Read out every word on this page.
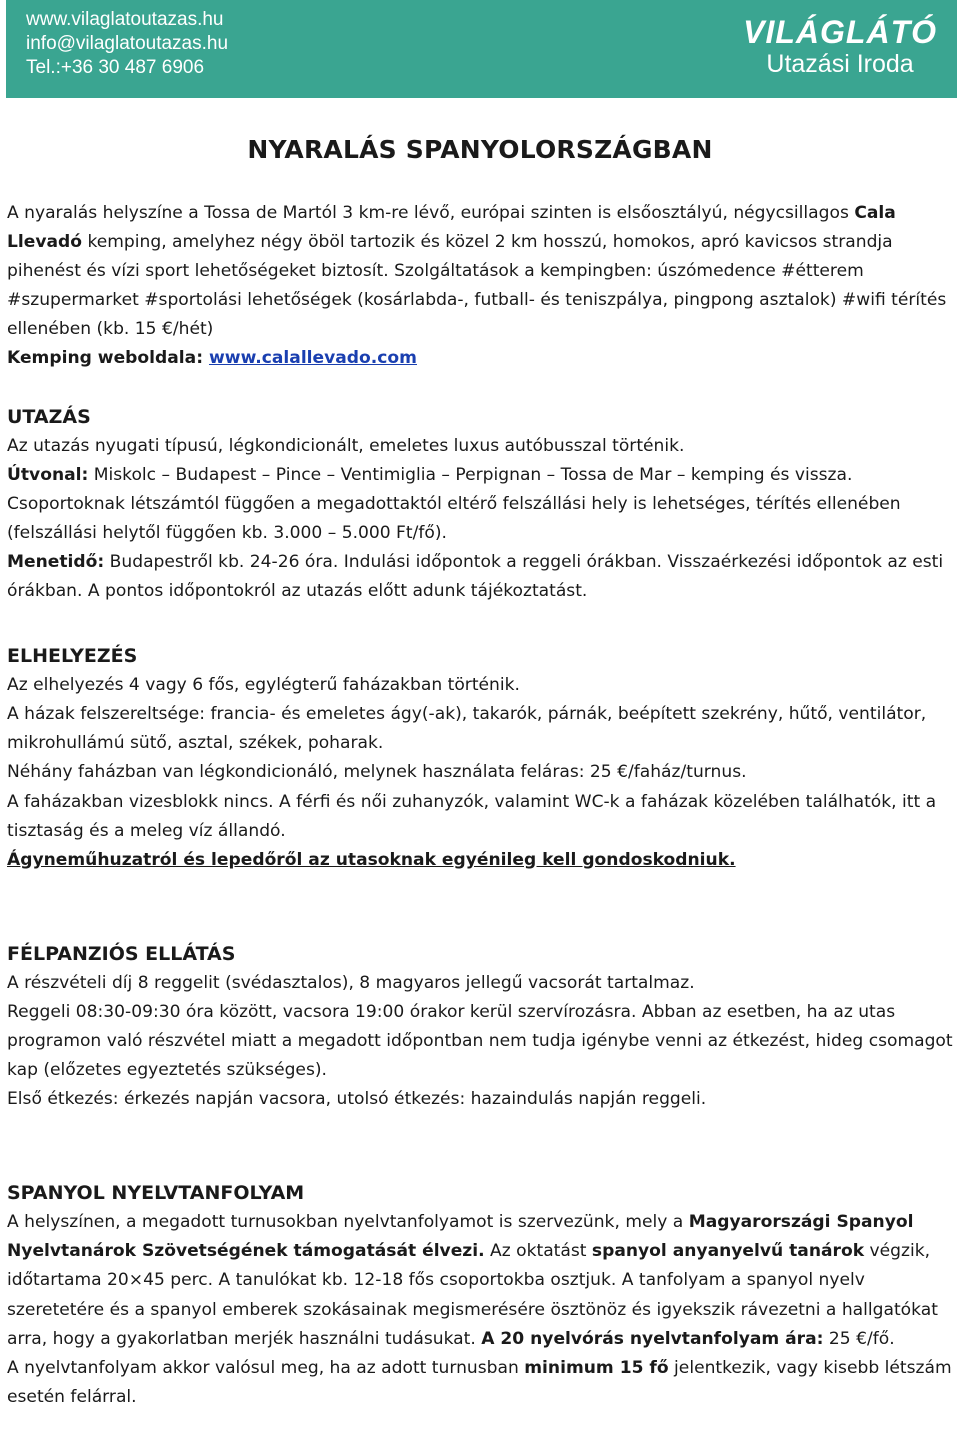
www.vilaglatoutazas.hu
info@vilaglatoutazas.hu
Tel.:+36 30 487 6906
VILÁGLÁTÓ
Utazási Iroda
NYARALÁS SPANYOLORSZÁGBAN

A nyaralás helyszíne a Tossa de Martól 3 km-re lévő, európai szinten is elsőosztályú, négycsillagos Cala Llevadó kemping, amelyhez négy öböl tartozik és közel 2 km hosszú, homokos, apró kavicsos strandja pihenést és vízi sport lehetőségeket biztosít. Szolgáltatások a kempingben: úszómedence #étterem #szupermarket #sportolási lehetőségek (kosárlabda-, futball- és teniszpálya, pingpong asztalok) #wifi térítés ellenében (kb. 15 €/hét)

Kemping weboldala: www.calallevado.com

UTAZÁS

Az utazás nyugati típusú, légkondicionált, emeletes luxus autóbusszal történik.

Útvonal: Miskolc – Budapest – Pince – Ventimiglia – Perpignan – Tossa de Mar – kemping és vissza. Csoportoknak létszámtól függően a megadottaktól eltérő felszállási hely is lehetséges, térítés ellenében (felszállási helytől függően kb. 3.000 – 5.000 Ft/fő).

Menetidő: Budapestről kb. 24-26 óra. Indulási időpontok a reggeli órákban. Visszaérkezési időpontok az esti órákban. A pontos időpontokról az utazás előtt adunk tájékoztatást.

ELHELYEZÉS

Az elhelyezés 4 vagy 6 fős, egylégterű faházakban történik.

A házak felszereltsége: francia- és emeletes ágy(-ak), takarók, párnák, beépített szekrény, hűtő, ventilátor, mikrohullámú sütő, asztal, székek, poharak.

Néhány faházban van légkondicionáló, melynek használata feláras: 25 €/faház/turnus.

A faházakban vizesblokk nincs. A férfi és női zuhanyzók, valamint WC-k a faházak közelében találhatók, itt a tisztaság és a meleg víz állandó.

Ágyneműhuzatról és lepedőről az utasoknak egyénileg kell gondoskodniuk.

FÉLPANZIÓS ELLÁTÁS

A részvételi díj 8 reggelit (svédasztalos), 8 magyaros jellegű vacsorát tartalmaz.

Reggeli 08:30-09:30 óra között, vacsora 19:00 órakor kerül szervírozásra. Abban az esetben, ha az utas programon való részvétel miatt a megadott időpontban nem tudja igénybe venni az étkezést, hideg csomagot kap (előzetes egyeztetés szükséges).

Első étkezés: érkezés napján vacsora, utolsó étkezés: hazaindulás napján reggeli.

SPANYOL NYELVTANFOLYAM

A helyszínen, a megadott turnusokban nyelvtanfolyamot is szervezünk, mely a Magyarországi Spanyol Nyelvtanárok Szövetségének támogatását élvezi. Az oktatást spanyol anyanyelvű tanárok végzik, időtartama 20×45 perc. A tanulókat kb. 12-18 fős csoportokba osztjuk. A tanfolyam a spanyol nyelv szeretetére és a spanyol emberek szokásainak megismerésére ösztönöz és igyekszik rávezetni a hallgatókat arra, hogy a gyakorlatban merjék használni tudásukat. A 20 nyelvórás nyelvtanfolyam ára: 25 €/fő.

A nyelvtanfolyam akkor valósul meg, ha az adott turnusban minimum 15 fő jelentkezik, vagy kisebb létszám esetén felárral.
